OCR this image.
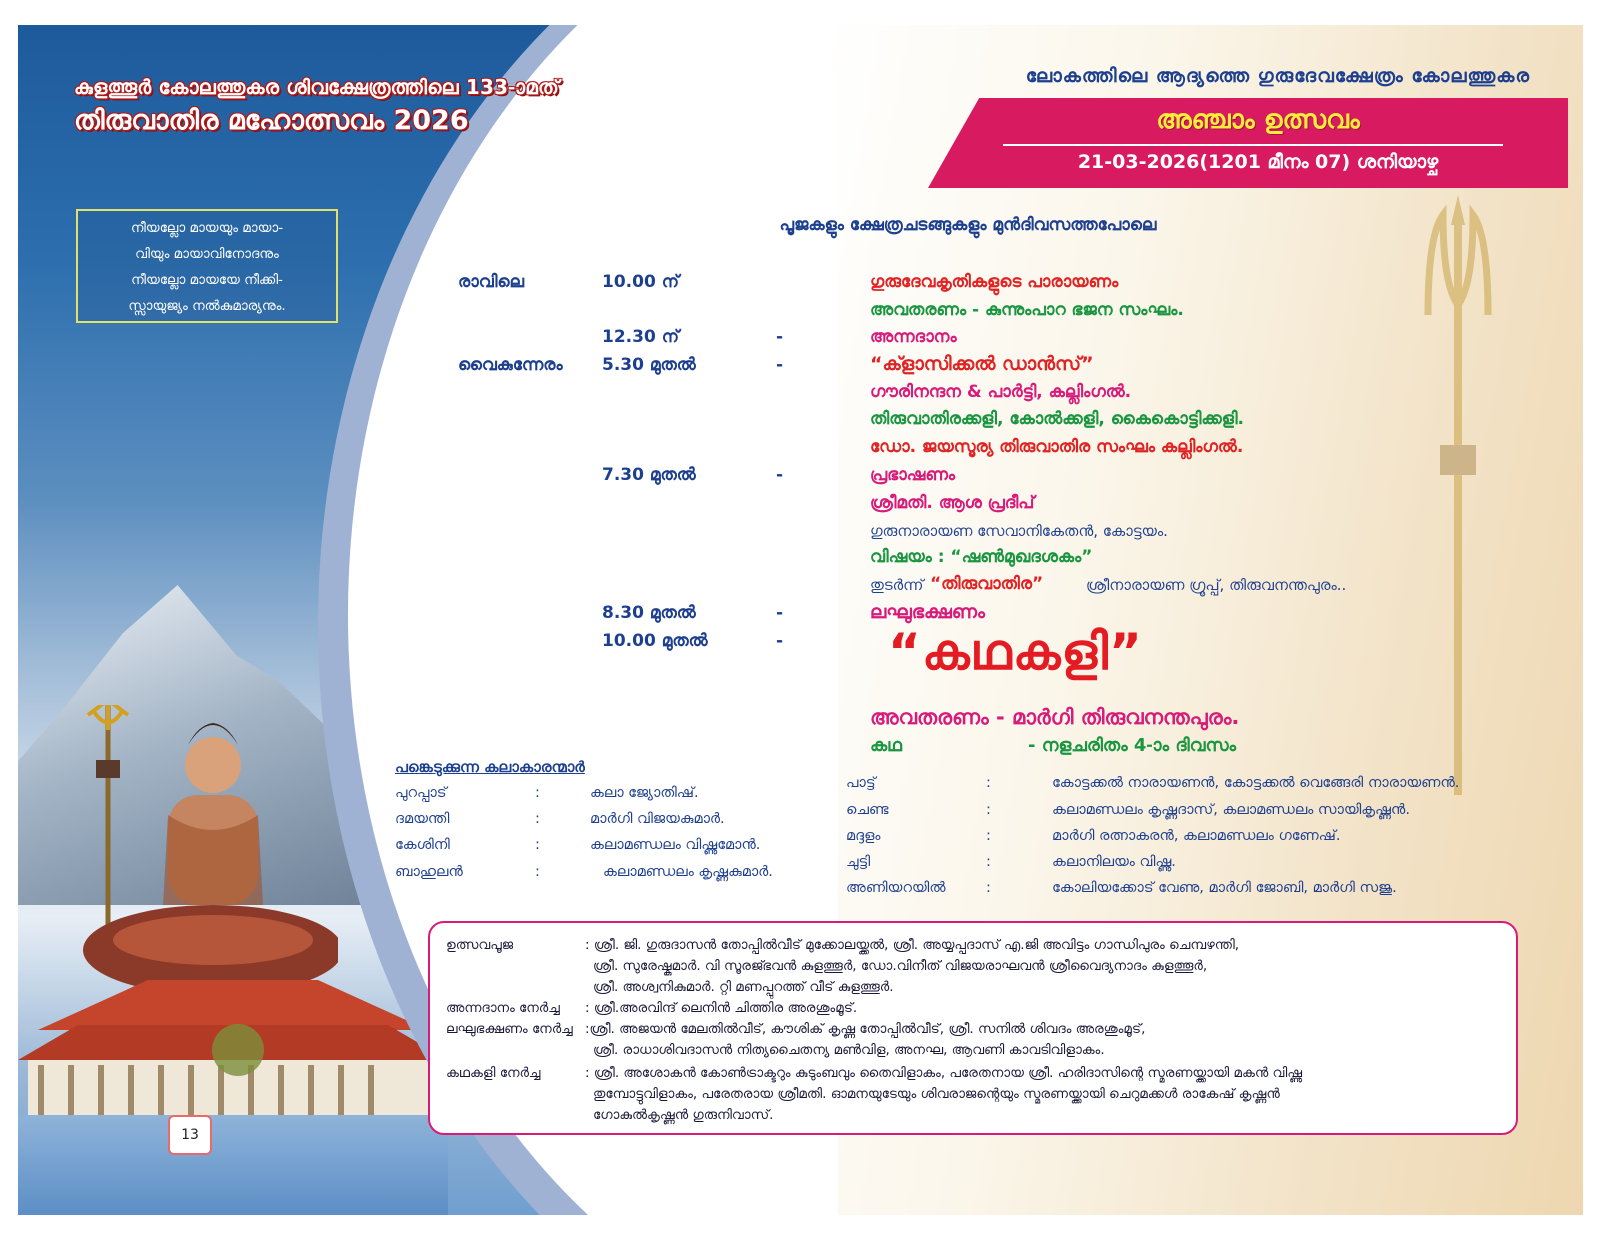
കുളത്തൂർ കോലത്തുകര ശിവക്ഷേത്രത്തിലെ 133-ാമത്
തിരുവാതിര മഹോത്സവം 2026
നീയല്ലോ മായയും മായാ-
വിയും മായാവിനോദനും
നീയല്ലോ മായയേ നീക്കി-
സ്സായുജ്യം നൽകുമാര്യനും.
13
ലോകത്തിലെ ആദ്യത്തെ ഗുരുദേവക്ഷേത്രം കോലത്തുകര
അഞ്ചാം ഉത്സവം
21-03-2026(1201 മീനം 07) ശനിയാഴ്ച
പൂജകളും ക്ഷേത്രചടങ്ങുകളും മുൻദിവസത്തപോലെ
രാവിലെ	10.00 ന്	ഗുരുദേവകൃതികളുടെ പാരായണം
അവതരണം - കുന്നുംപാറ ഭജന സംഘം.
12.30 ന്	-	അന്നദാനം
വൈകുന്നേരം 5.30 മുതൽ	-	“ക്ളാസിക്കൽ ഡാൻസ്”
ഗൗരിനന്ദന & പാർട്ടി, കല്ലിംഗൽ.
തിരുവാതിരക്കളി, കോൽക്കളി, കൈകൊട്ടിക്കളി.
ഡോ. ജയസൂര്യ തിരുവാതിര സംഘം കല്ലിംഗൽ.
7.30 മുതൽ	-	പ്രഭാഷണം
ശ്രീമതി. ആശ പ്രദീപ്
ഗുരുനാരായണ സേവാനികേതൻ, കോട്ടയം.
വിഷയം : “ഷൺമുഖദശകം”
തുടർന്ന് “തിരുവാതിര”	ശ്രീനാരായണ ഗ്രൂപ്പ്, തിരുവനന്തപുരം..
8.30 മുതൽ	-	ലഘുഭക്ഷണം
10.00 മുതൽ	- “കഥകളി”
അവതരണം - മാർഗി തിരുവനന്തപുരം.
കഥ	- നളചരിതം 4-ാം ദിവസം
പങ്കെടുക്കുന്ന കലാകാരന്മാർ
പുറപ്പാട്	:	കലാ ജ്യോതിഷ്.
ദമയന്തി	:	മാർഗി വിജയകുമാർ.
കേശിനി	:	കലാമണ്ഡലം വിഷ്ണുമോൻ.
ബാഹുലൻ	:	കലാമണ്ഡലം കൃഷ്ണകുമാർ.
പാട്ട്	:	കോട്ടക്കൽ നാരായണൻ, കോട്ടക്കൽ വെങ്ങേരി നാരായണൻ.
ചെണ്ട	:	കലാമണ്ഡലം കൃഷ്ണദാസ്, കലാമണ്ഡലം സായികൃഷ്ണൻ.
മദ്ദളം	:	മാർഗി രത്നാകരൻ, കലാമണ്ഡലം ഗണേഷ്.
ചുട്ടി	:	കലാനിലയം വിഷ്ണു.
അണിയറയിൽ	:	കോലിയക്കോട് വേണു, മാർഗി ജോബി, മാർഗി സജു.
ഉത്സവപൂജ	: ശ്രീ. ജി. ഗുരുദാസൻ തോപ്പിൽവീട് മുക്കോലയ്ക്കൽ, ശ്രീ. അയ്യപ്പദാസ് എ.ജി അവിട്ടം ഗാന്ധിപുരം ചെമ്പഴന്തി,
ശ്രീ. സുരേഷ്കുമാർ. വി സൂരജ്ഭവൻ കുളത്തൂർ, ഡോ.വിനീത് വിജയരാഘവൻ ശ്രീവൈദ്യനാദം കുളത്തൂർ,
ശ്രീ. അശ്വനികുമാർ. റ്റി മണപ്പുറത്ത് വീട് കുളത്തൂർ.
അന്നദാനം നേർച്ച : ശ്രീ.അരവിന്ദ് ലെനിൻ ചിത്തിര അരശുംമൂട്.
ലഘുഭക്ഷണം നേർച്ച :ശ്രീ. അജയൻ മേലതിൽവീട്, കൗശിക് കൃഷ്ണ തോപ്പിൽവീട്, ശ്രീ. സനിൽ ശിവദം അരശുംമൂട്,
ശ്രീ. രാധാശിവദാസൻ നിത്യചൈതന്യ മൺവിള, അനഘ, ആവണി കാവടിവിളാകം.
കഥകളി നേർച്ച	: ശ്രീ. അശോകൻ കോൺട്രാക്ടറും കുടുംബവും തൈവിളാകം, പരേതനായ ശ്രീ. ഹരിദാസിന്റെ സ്മരണയ്ക്കായി മകൻ വിഷ്ണു
തുമ്പോട്ടുവിളാകം, പരേതരായ ശ്രീമതി. ഓമനയുടേയും ശിവരാജന്റെയും സ്മരണയ്ക്കായി ചെറുമക്കൾ രാകേഷ് കൃഷ്ണൻ
ഗോകുൽകൃഷ്ണൻ ഗുരുനിവാസ്.
